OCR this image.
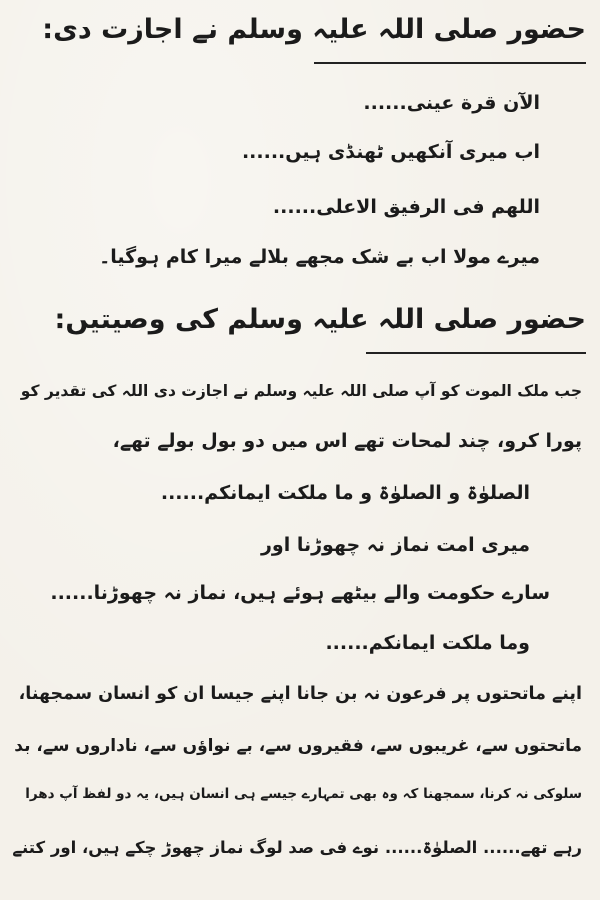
حضور صلی اللہ علیہ وسلم نے اجازت دی:
الآن قرة عينى......
اب میری آنکھیں ٹھنڈی ہیں......
اللهم فى الرفيق الاعلى......
میرے مولا اب بے شک مجھے بلالے میرا کام ہوگیا۔
حضور صلی اللہ علیہ وسلم کی وصیتیں:
جب ملک الموت کو آپ صلی اللہ علیہ وسلم نے اجازت دی اللہ کی تقدیر کو
پورا کرو، چند لمحات تھے اس میں دو بول بولے تھے،
الصلوٰۃ و الصلوٰۃ و ما ملکت ایمانکم......
میری امت نماز نہ چھوڑنا اور
سارے حکومت والے بیٹھے ہوئے ہیں، نماز نہ چھوڑنا......
وما ملکت ایمانکم......
اپنے ماتحتوں پر فرعون نہ بن جانا اپنے جیسا ان کو انسان سمجھنا،
ماتحتوں سے، غریبوں سے، فقیروں سے، بے نواؤں سے، ناداروں سے، بد
سلوکی نہ کرنا، سمجھنا کہ وہ بھی تمہارے جیسے ہی انسان ہیں، یہ دو لفظ آپ دھرا
رہے تھے...... الصلوٰۃ...... نوے فی صد لوگ نماز چھوڑ چکے ہیں، اور کتنے
